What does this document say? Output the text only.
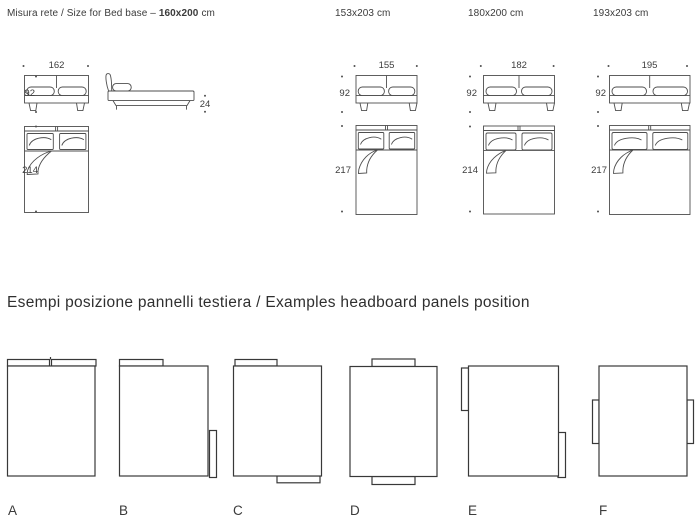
Misura rete / Size for Bed base – 160x200 cm	153x203 cm	180x200 cm	193x203 cm
162
92
214
24
155
92
217
182
92
214
195
92
217
Esempi posizione pannelli testiera / Examples headboard panels position
A	B	C	D	E	F
